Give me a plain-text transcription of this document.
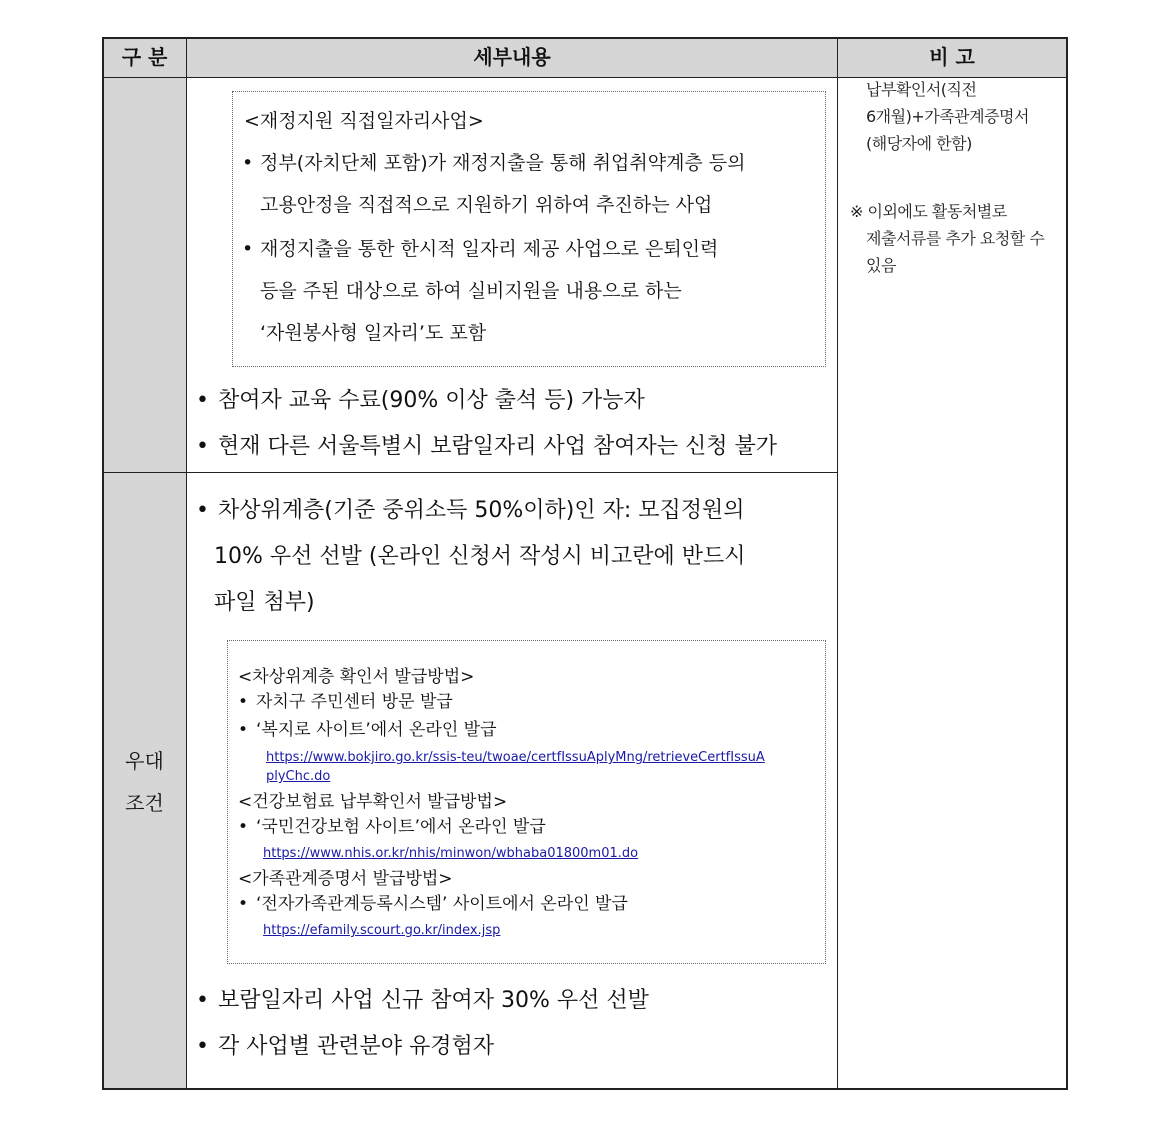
구 분	세부내용	비 고
<재정지원 직접일자리사업>
• 정부(자치단체 포함)가 재정지출을 통해 취업취약계층 등의
고용안정을 직접적으로 지원하기 위하여 추진하는 사업
• 재정지출을 통한 한시적 일자리 제공 사업으로 은퇴인력
등을 주된 대상으로 하여 실비지원을 내용으로 하는
‘자원봉사형 일자리’도 포함
• 참여자 교육 수료(90% 이상 출석 등) 가능자
• 현재 다른 서울특별시 보람일자리 사업 참여자는 신청 불가
우대
조건
• 차상위계층(기준 중위소득 50%이하)인 자: 모집정원의
10% 우선 선발 (온라인 신청서 작성시 비고란에 반드시
파일 첨부)
<차상위계층 확인서 발급방법>
• 자치구 주민센터 방문 발급
• ‘복지로 사이트’에서 온라인 발급
https://www.bokjiro.go.kr/ssis-teu/twoae/certfIssuAplyMng/retrieveCertfIssuA
plyChc.do
<건강보험료 납부확인서 발급방법>
• ‘국민건강보험 사이트’에서 온라인 발급
https://www.nhis.or.kr/nhis/minwon/wbhaba01800m01.do
<가족관계증명서 발급방법>
• ‘전자가족관계등록시스템’ 사이트에서 온라인 발급
https://efamily.scourt.go.kr/index.jsp
• 보람일자리 사업 신규 참여자 30% 우선 선발
• 각 사업별 관련분야 유경험자
납부확인서(직전
6개월)+가족관계증명서
(해당자에 한함)
※ 이외에도 활동처별로
제출서류를 추가 요청할 수
있음
